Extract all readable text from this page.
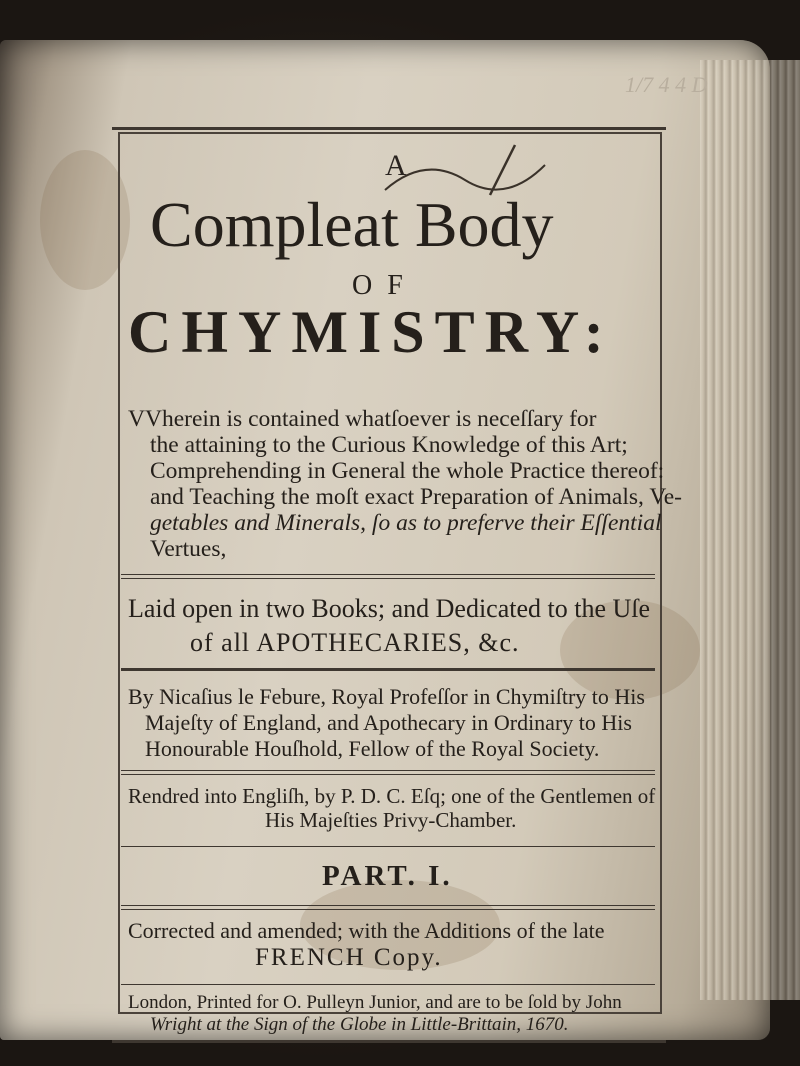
1/7 4 4 D
A
Compleat Body
O F
CHYMISTRY:
VVherein is contained whatſoever is neceſſary for
the attaining to the Curious Knowledge of this Art;
Comprehending in General the whole Practice thereof:
and Teaching the moſt exact Preparation of Animals, Ve-
getables and Minerals, ſo as to preferve their Eſſential
Vertues,
Laid open in two Books; and Dedicated to the Uſe
of all APOTHECARIES, &c.
By Nicaſius le Febure, Royal Profeſſor in Chymiſtry to His
Majeſty of England, and Apothecary in Ordinary to His
Honourable Houſhold, Fellow of the Royal Society.
Rendred into Engliſh, by P. D. C. Eſq; one of the Gentlemen of
His Majeſties Privy-Chamber.
PART. I.
Corrected and amended; with the Additions of the late
FRENCH Copy.
London, Printed for O. Pulleyn Junior, and are to be ſold by John
Wright at the Sign of the Globe in Little-Brittain, 1670.
